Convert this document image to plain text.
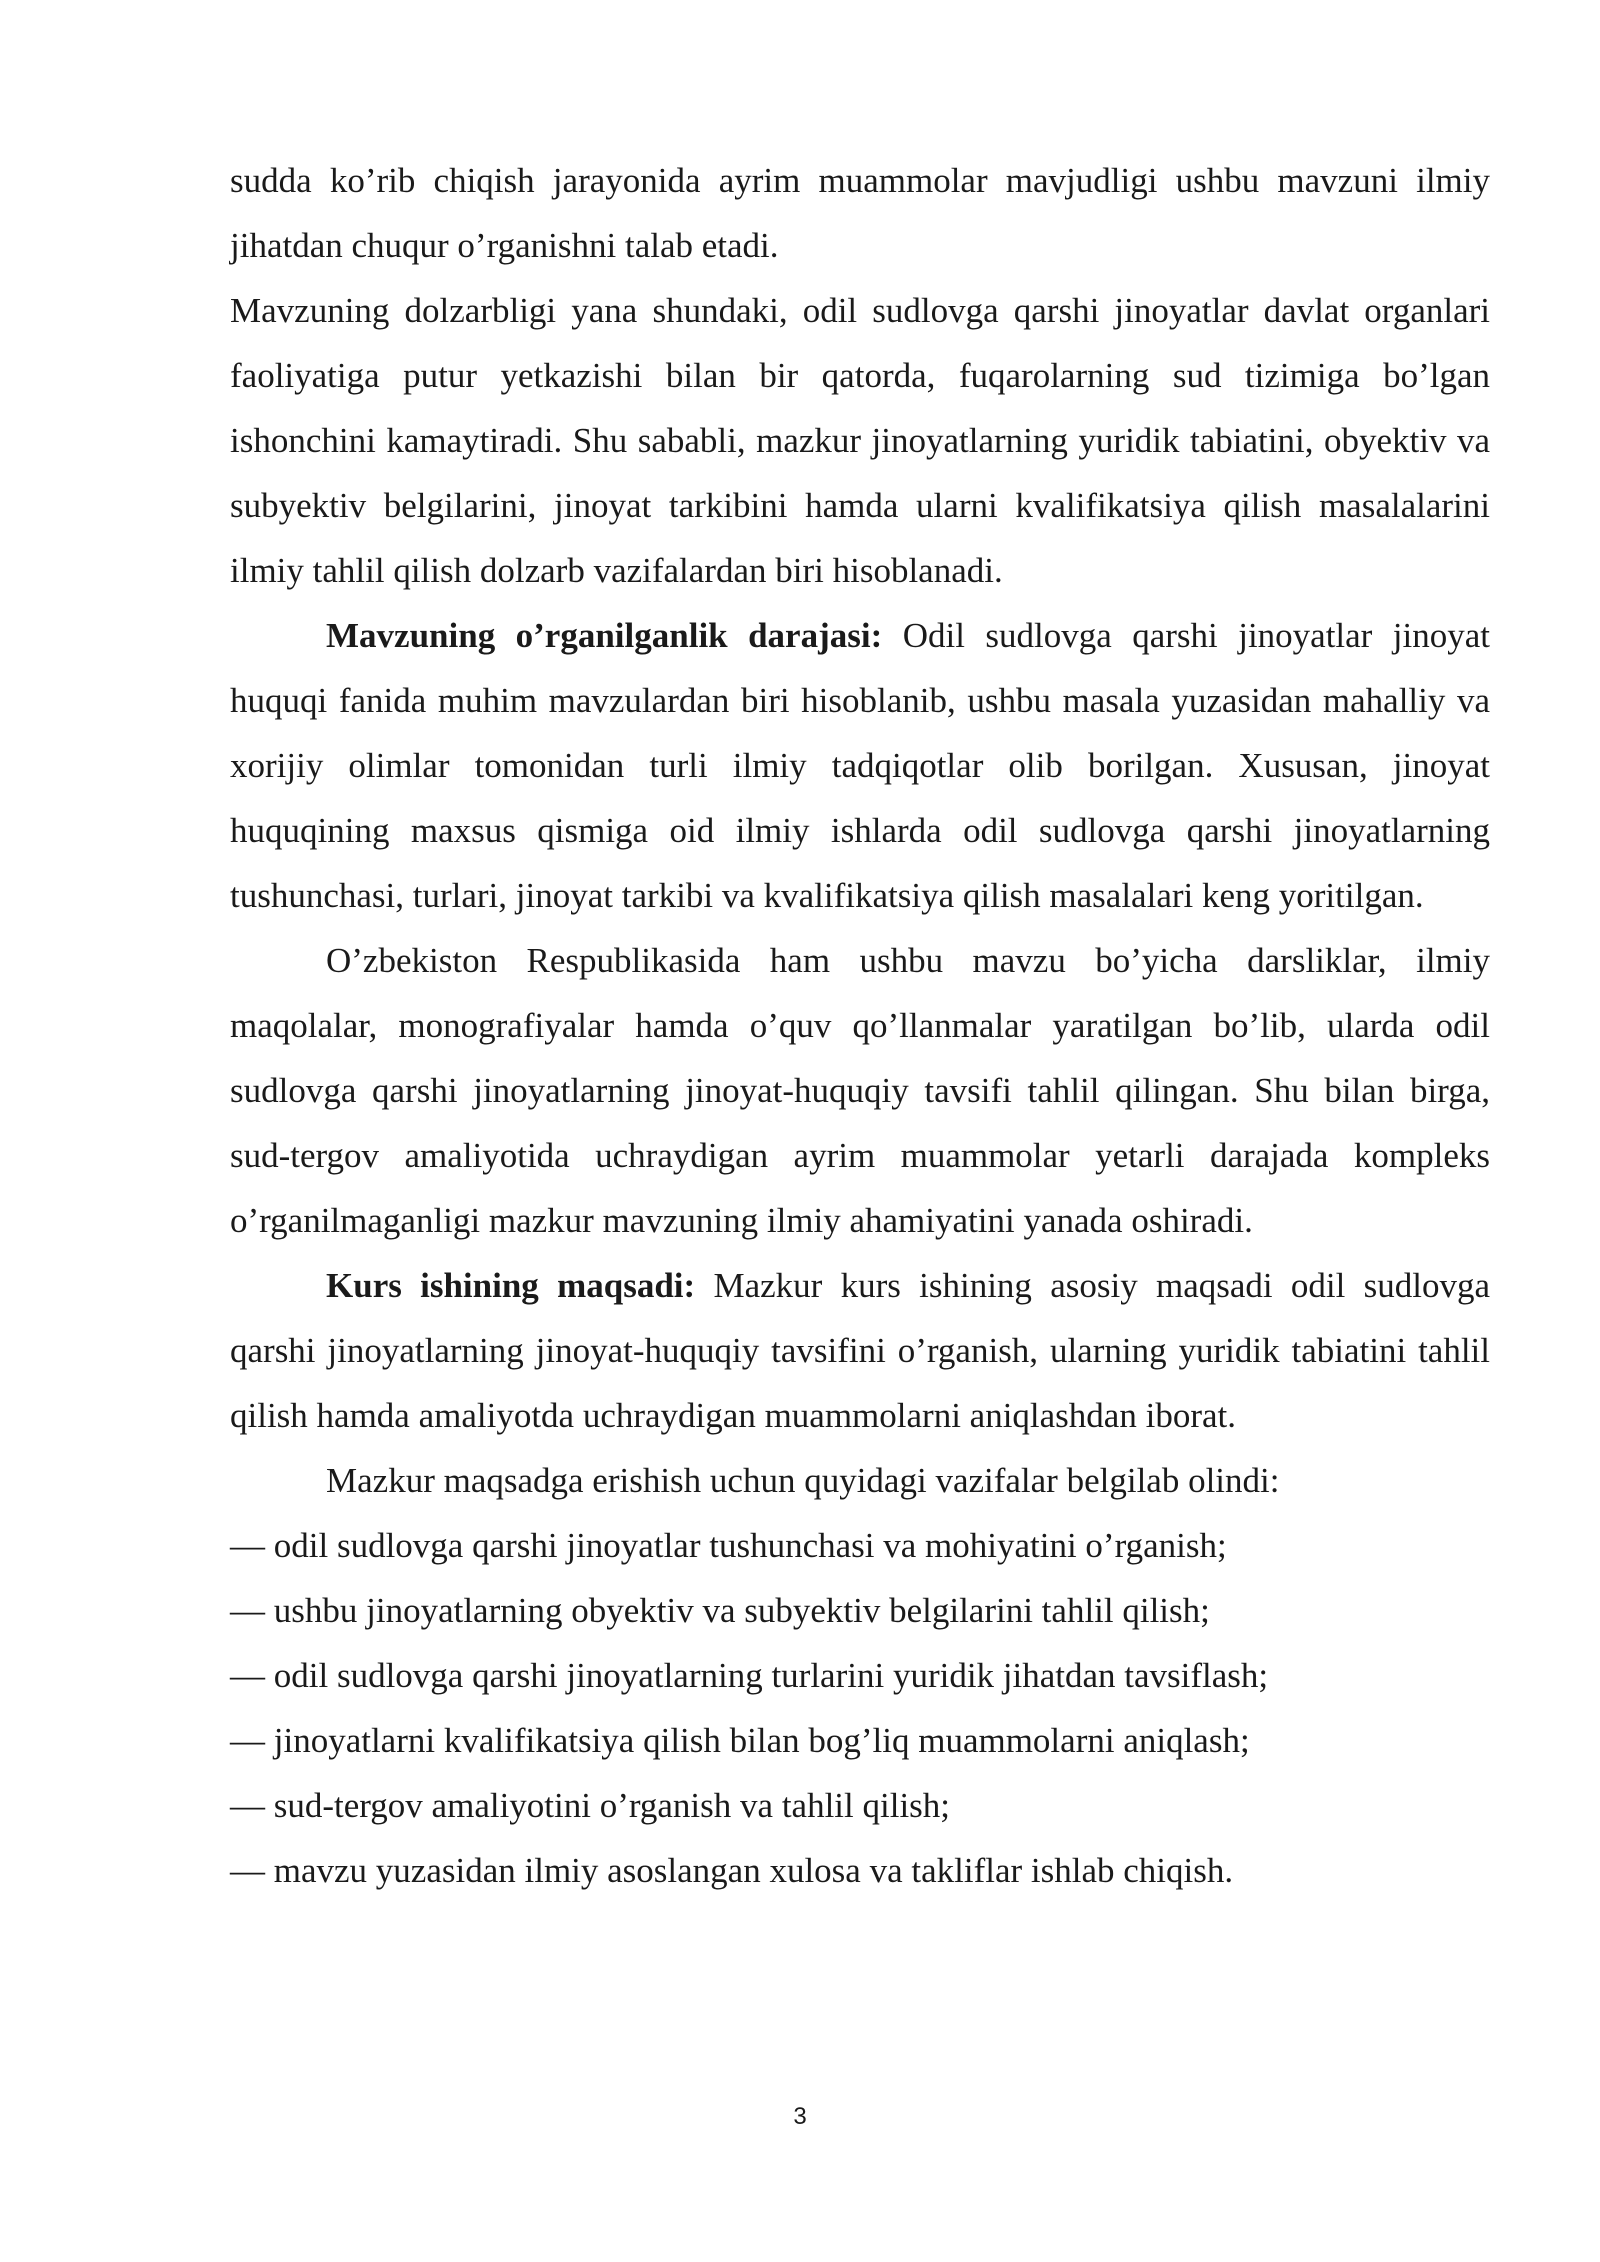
sudda ko’rib chiqish jarayonida ayrim muammolar mavjudligi ushbu mavzuni ilmiy jihatdan chuqur o’rganishni talab etadi.

Mavzuning dolzarbligi yana shundaki, odil sudlovga qarshi jinoyatlar davlat organlari faoliyatiga putur yetkazishi bilan bir qatorda, fuqarolarning sud tizimiga bo’lgan ishonchini kamaytiradi. Shu sababli, mazkur jinoyatlarning yuridik tabiatini, obyektiv va subyektiv belgilarini, jinoyat tarkibini hamda ularni kvalifikatsiya qilish masalalarini ilmiy tahlil qilish dolzarb vazifalardan biri hisoblanadi.

Mavzuning o’rganilganlik darajasi: Odil sudlovga qarshi jinoyatlar jinoyat huquqi fanida muhim mavzulardan biri hisoblanib, ushbu masala yuzasidan mahalliy va xorijiy olimlar tomonidan turli ilmiy tadqiqotlar olib borilgan. Xususan, jinoyat huquqining maxsus qismiga oid ilmiy ishlarda odil sudlovga qarshi jinoyatlarning tushunchasi, turlari, jinoyat tarkibi va kvalifikatsiya qilish masalalari keng yoritilgan.

O’zbekiston Respublikasida ham ushbu mavzu bo’yicha darsliklar, ilmiy maqolalar, monografiyalar hamda o’quv qo’llanmalar yaratilgan bo’lib, ularda odil sudlovga qarshi jinoyatlarning jinoyat-huquqiy tavsifi tahlil qilingan. Shu bilan birga, sud-tergov amaliyotida uchraydigan ayrim muammolar yetarli darajada kompleks o’rganilmaganligi mazkur mavzuning ilmiy ahamiyatini yanada oshiradi.

Kurs ishining maqsadi: Mazkur kurs ishining asosiy maqsadi odil sudlovga qarshi jinoyatlarning jinoyat-huquqiy tavsifini o’rganish, ularning yuridik tabiatini tahlil qilish hamda amaliyotda uchraydigan muammolarni aniqlashdan iborat.

Mazkur maqsadga erishish uchun quyidagi vazifalar belgilab olindi:

— odil sudlovga qarshi jinoyatlar tushunchasi va mohiyatini o’rganish;
— ushbu jinoyatlarning obyektiv va subyektiv belgilarini tahlil qilish;
— odil sudlovga qarshi jinoyatlarning turlarini yuridik jihatdan tavsiflash;
— jinoyatlarni kvalifikatsiya qilish bilan bog’liq muammolarni aniqlash;
— sud-tergov amaliyotini o’rganish va tahlil qilish;
— mavzu yuzasidan ilmiy asoslangan xulosa va takliflar ishlab chiqish.
3
